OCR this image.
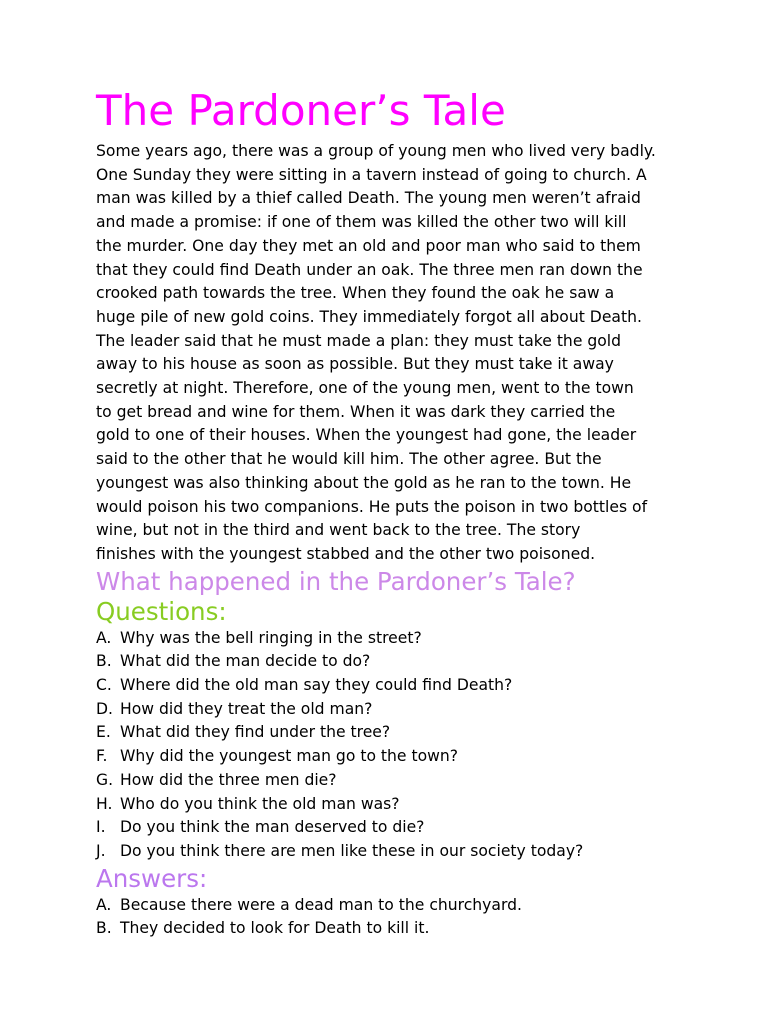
The Pardoner’s Tale
Some years ago, there was a group of young men who lived very badly.
One Sunday they were sitting in a tavern instead of going to church. A
man was killed by a thief called Death. The young men weren’t afraid
and made a promise: if one of them was killed the other two will kill
the murder. One day they met an old and poor man who said to them
that they could find Death under an oak. The three men ran down the
crooked path towards the tree. When they found the oak he saw a
huge pile of new gold coins. They immediately forgot all about Death.
The leader said that he must made a plan: they must take the gold
away to his house as soon as possible. But they must take it away
secretly at night. Therefore, one of the young men, went to the town
to get bread and wine for them. When it was dark they carried the
gold to one of their houses. When the youngest had gone, the leader
said to the other that he would kill him. The other agree. But the
youngest was also thinking about the gold as he ran to the town. He
would poison his two companions. He puts the poison in two bottles of
wine, but not in the third and went back to the tree. The story
finishes with the youngest stabbed and the other two poisoned.
What happened in the Pardoner’s Tale?
Questions:
A. Why was the bell ringing in the street?
B. What did the man decide to do?
C. Where did the old man say they could find Death?
D. How did they treat the old man?
E. What did they find under the tree?
F. Why did the youngest man go to the town?
G. How did the three men die?
H. Who do you think the old man was?
I. Do you think the man deserved to die?
J. Do you think there are men like these in our society today?
Answers:
A. Because there were a dead man to the churchyard.
B. They decided to look for Death to kill it.
